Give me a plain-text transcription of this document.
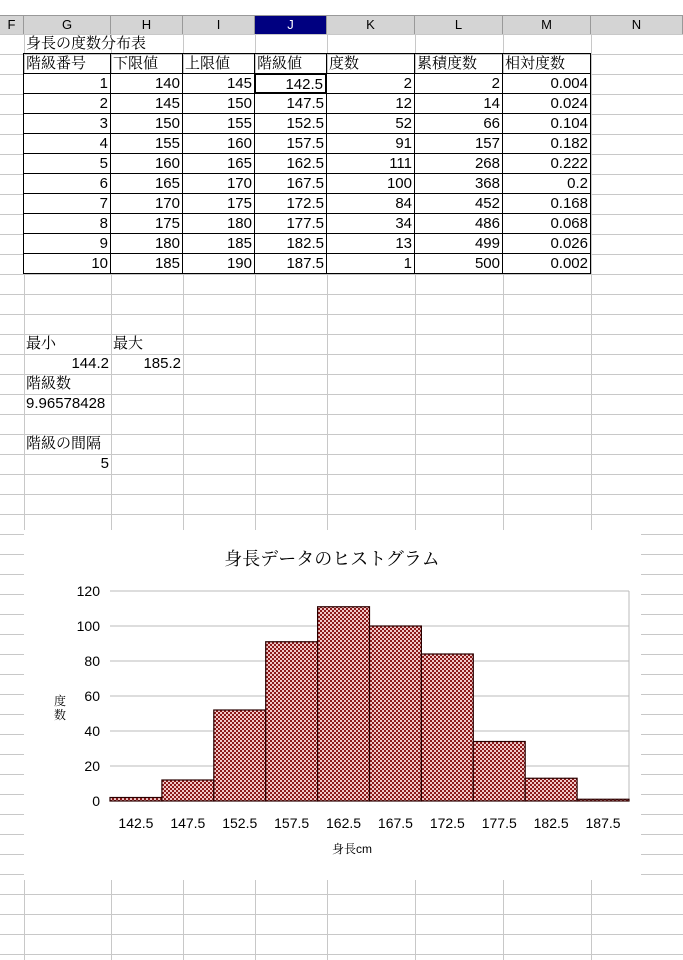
F	G	H	I	J	K	L	M	N
身長の度数分布表
階級番号	下限値	上限値	階級値	度数	累積度数	相対度数
1	140	145	142.5	2	2	0.004
2	145	150	147.5	12	14	0.024
3	150	155	152.5	52	66	0.104
4	155	160	157.5	91	157	0.182
5	160	165	162.5	111	268	0.222
6	165	170	167.5	100	368	0.2
7	170	175	172.5	84	452	0.168
8	175	180	177.5	34	486	0.068
9	180	185	182.5	13	499	0.026
10	185	190	187.5	1	500	0.002
最小	最大
144.2	185.2
階級数
9.96578428
階級の間隔
5
身長データのヒストグラム
0
20
40
60
80
100
120
142.5 147.5 152.5 157.5 162.5 167.5 172.5 177.5 182.5 187.5
度数
身長cm
